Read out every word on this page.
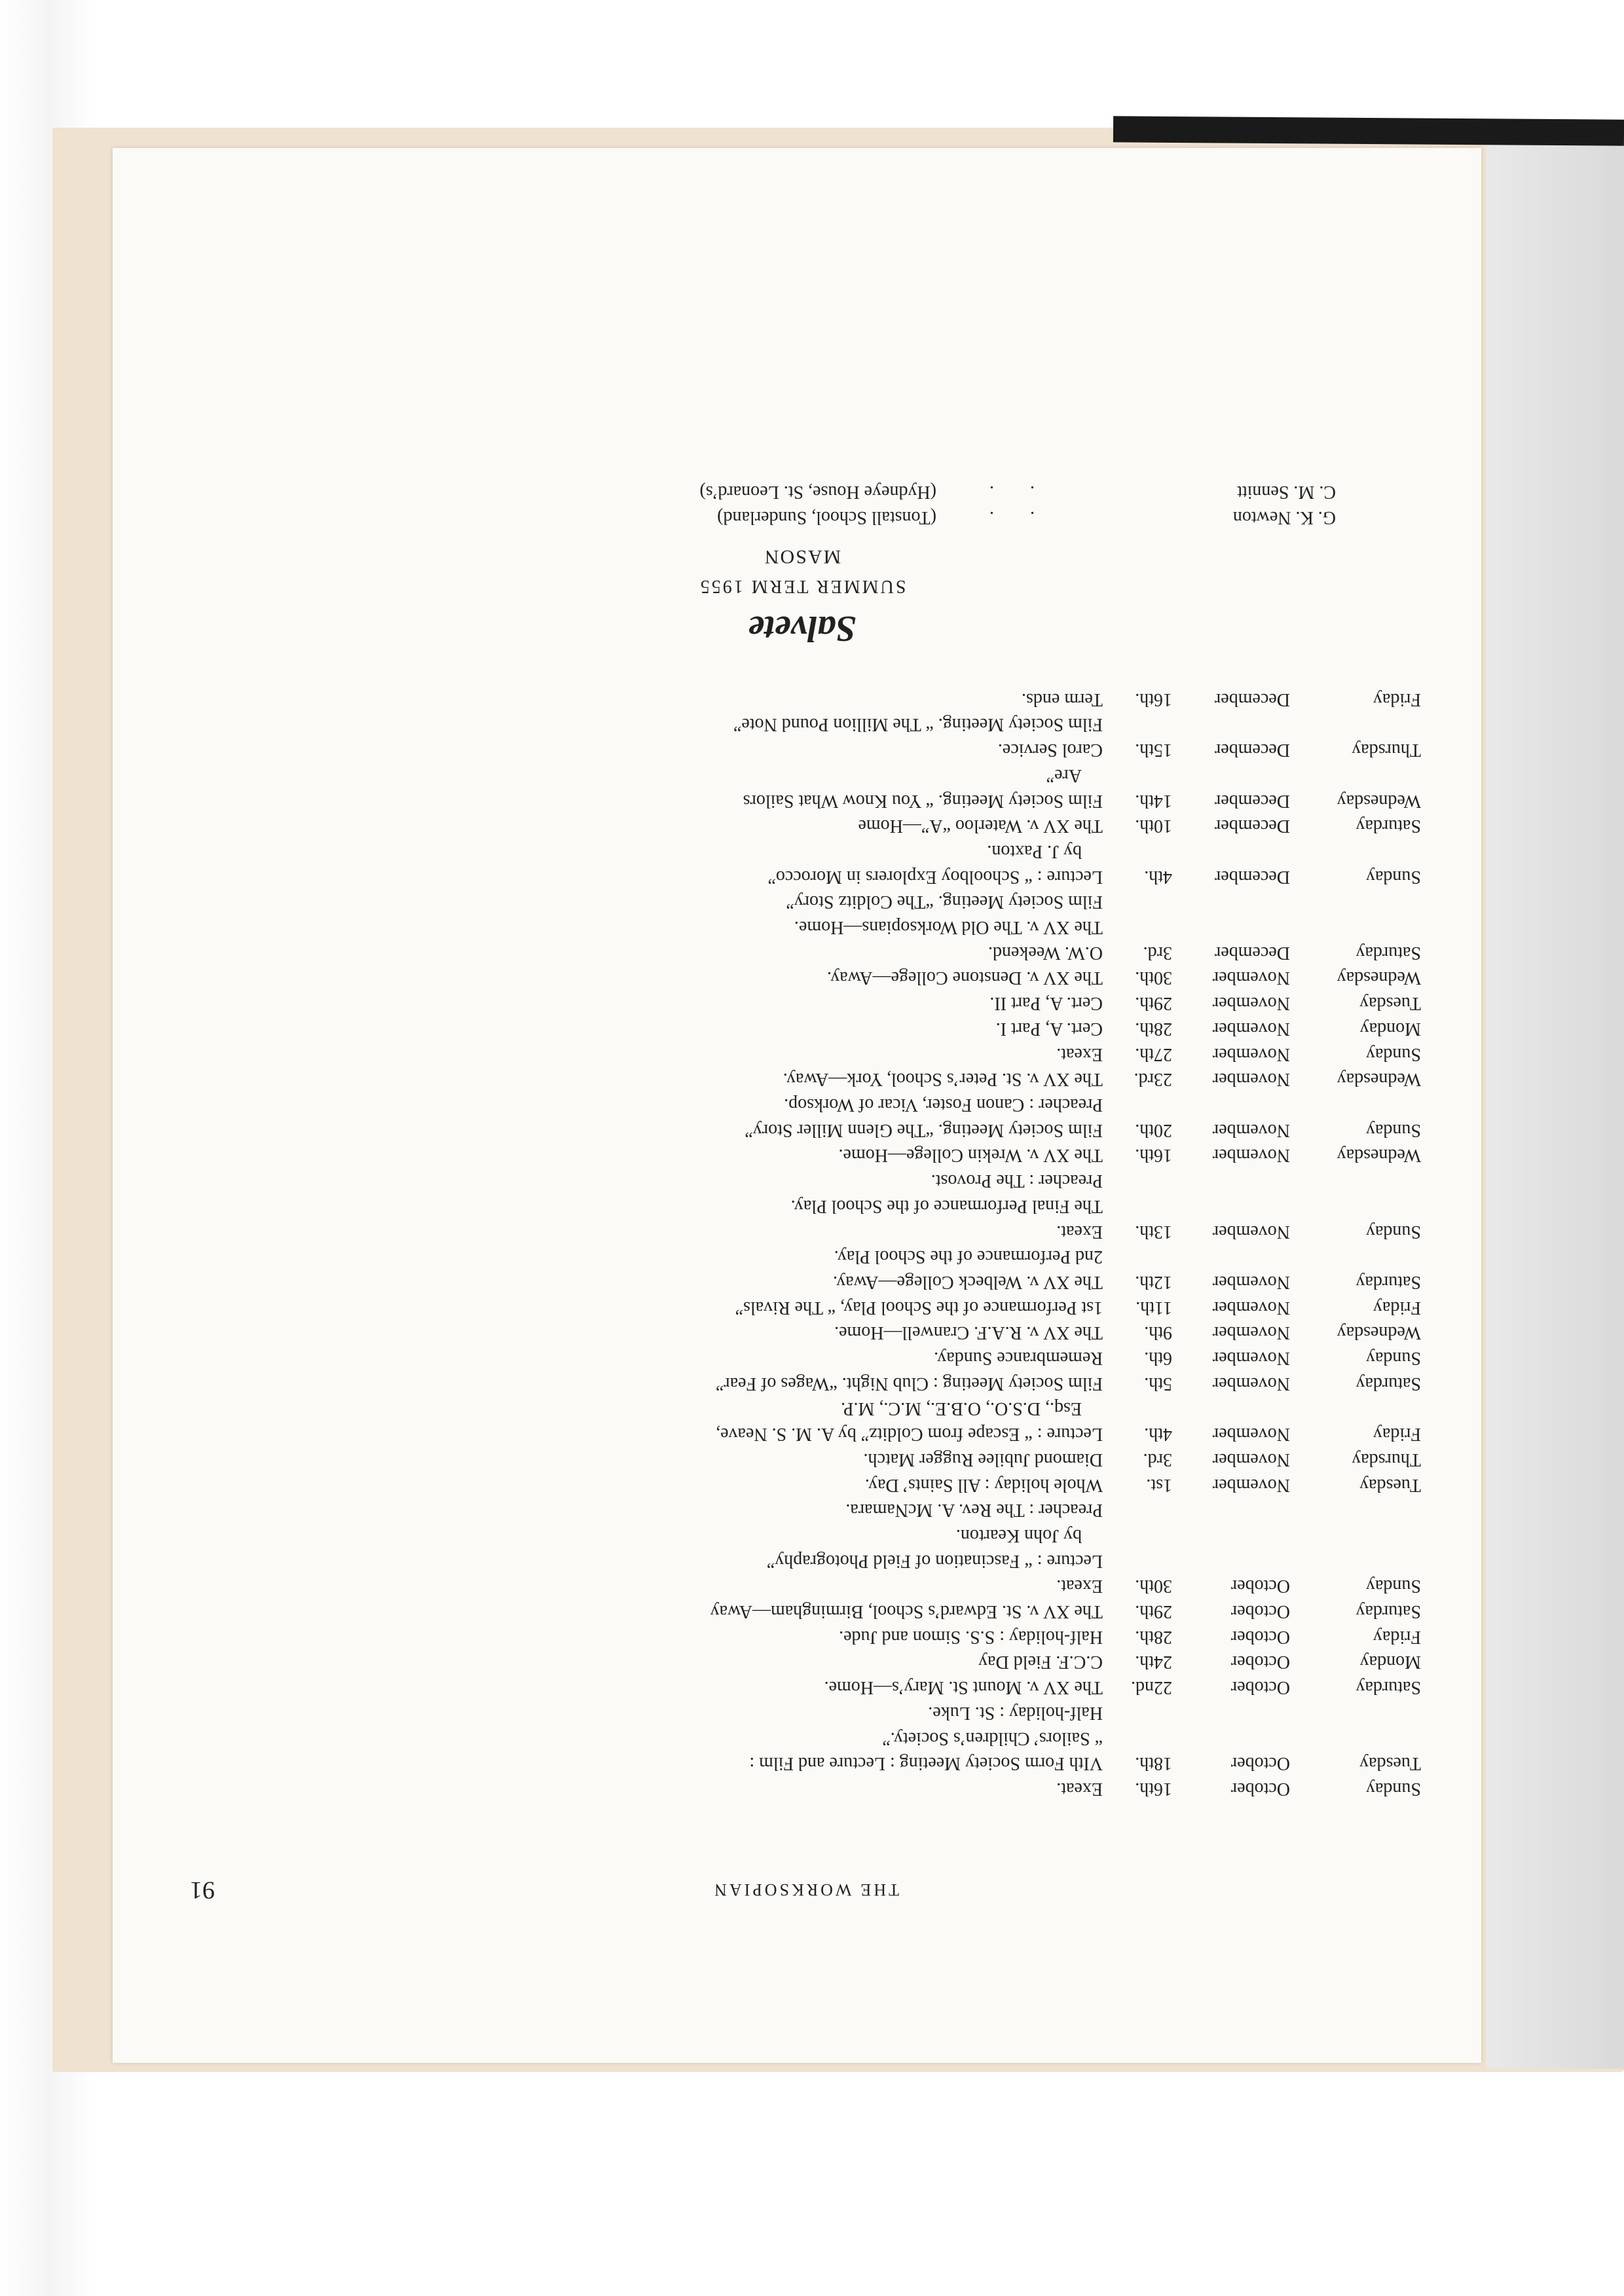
THE WORKSOPIAN
91
Sunday
October
16th.
Exeat.
Tuesday
October
18th.
VIth Form Society Meeting : Lecture and Film :
“ Sailors’ Children’s Society.”
Half-holiday : St. Luke.
Saturday
October
22nd.
The XV v. Mount St. Mary’s—Home.
Monday
October
24th.
C.C.F. Field Day
Friday
October
28th.
Half-holiday : S.S. Simon and Jude.
Saturday
October
29th.
The XV v. St. Edward’s School, Birmingham—Away
Sunday
October
30th.
Exeat.
Lecture : “ Fascination of Field Photography”
by John Kearton.
Preacher : The Rev. A. McNamara.
Tuesday
November
1st.
Whole holiday : All Saints’ Day.
Thursday
November
3rd.
Diamond Jubilee Rugger Match.
Friday
November
4th.
Lecture : “ Escape from Colditz” by A. M. S. Neave,
Esq., D.S.O., O.B.E., M.C., M.P.
Saturday
November
5th.
Film Society Meeting : Club Night. “Wages of Fear”
Sunday
November
6th.
Remembrance Sunday.
Wednesday
November
9th.
The XV v. R.A.F. Cranwell—Home.
Friday
November
11th.
1st Performance of the School Play, “ The Rivals”
Saturday
November
12th.
The XV v. Welbeck College—Away.
2nd Performance of the School Play.
Sunday
November
13th.
Exeat.
The Final Performance of the School Play.
Preacher : The Provost.
Wednesday
November
16th.
The XV v. Wrekin College—Home.
Sunday
November
20th.
Film Society Meeting. “The Glenn Miller Story”
Preacher : Canon Foster, Vicar of Worksop.
Wednesday
November
23rd.
The XV v. St. Peter’s School, York—Away.
Sunday
November
27th.
Exeat.
Monday
November
28th.
Cert. A, Part I.
Tuesday
November
29th.
Cert. A, Part II.
Wednesday
November
30th.
The XV v. Denstone College—Away.
Saturday
December
3rd.
O.W. Weekend.
The XV v. The Old Worksopians—Home.
Film Society Meeting. “The Colditz Story”
Sunday
December
4th.
Lecture : “ Schoolboy Explorers in Morocco”
by J. Paxton.
Saturday
December
10th.
The XV v. Waterloo “A”—Home
Wednesday
December
14th.
Film Society Meeting. “ You Know What Sailors
Are”
Thursday
December
15th.
Carol Service.
Film Society Meeting. “ The Million Pound Note”
Friday
December
16th.
Term ends.
Salvete
SUMMER TERM 1955
MASON
G. K. Newton
. .
(Tonstall School, Sunderland)
C. M. Sennitt
. .
(Hydneye House, St. Leonard’s)
